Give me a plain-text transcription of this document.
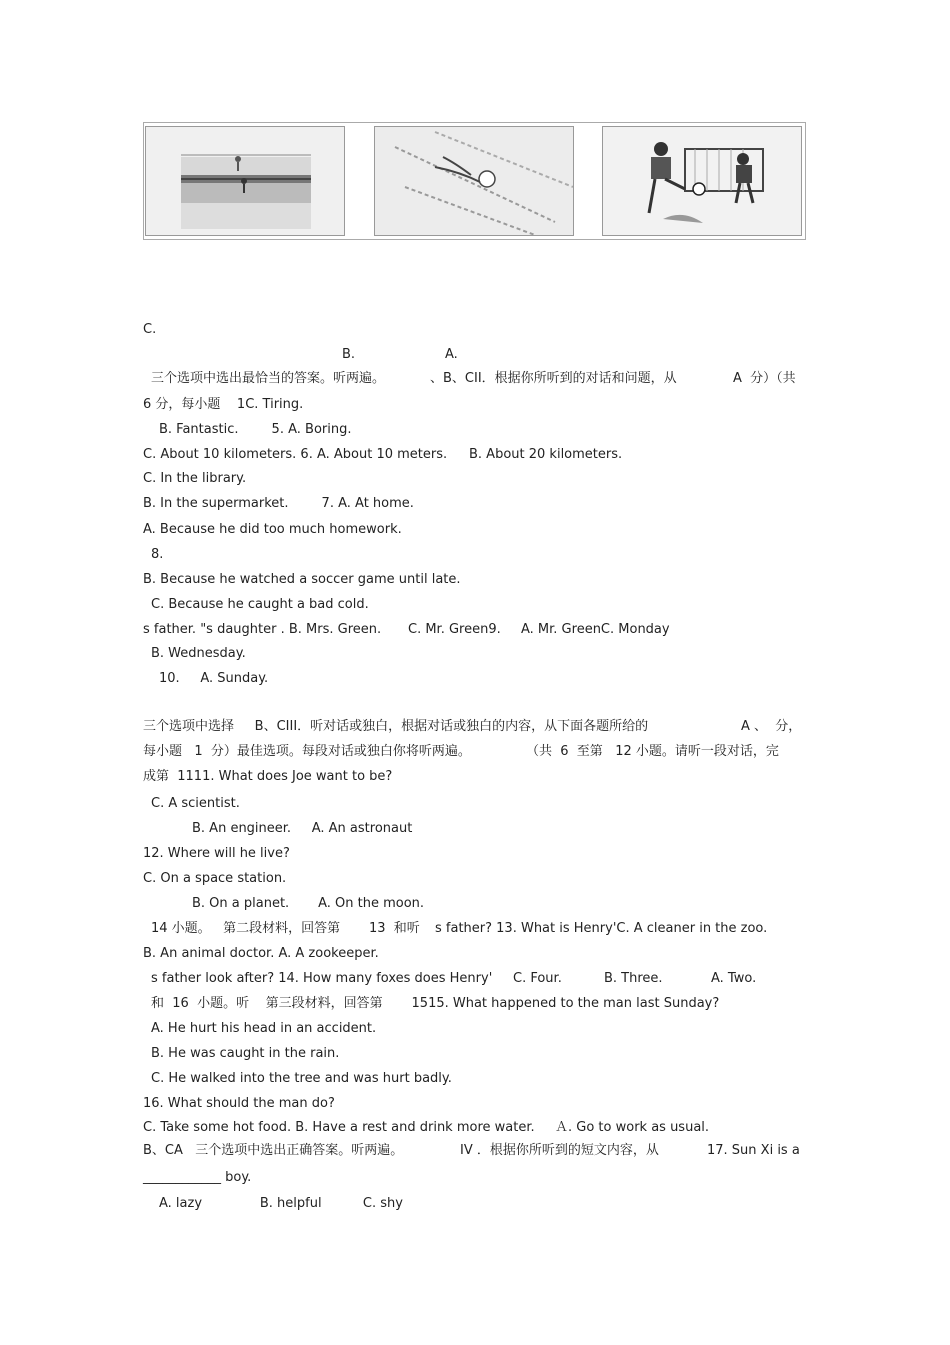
C.
B.	A.
三个选项中选出最恰当的答案。听两遍。	、B、CII．根据你所听到的对话和问题，从	A  分）（共
6 分，每小题    1C. Tiring.
B. Fantastic.        5. A. Boring.
C. About 10 kilometers. 6. A. About 10 meters. B. About 20 kilometers.
C. In the library.
B. In the supermarket.        7. A. At home.
A. Because he did too much homework.
8.
B. Because he watched a soccer game until late.
C. Because he caught a bad cold.
s father. "s daughter . B. Mrs. Green. C. Mr. Green9. A. Mr. GreenC. Monday
B. Wednesday.
10.     A. Sunday.
三个选项中选择     B、CIII．听对话或独白，根据对话或独白的内容，从下面各题所给的	A 、  分，
每小题   1  分）最佳选项。每段对话或独白你将听两遍。	（共  6  至第   12 小题。请听一段对话，完
成第  1111. What does Joe want to be?
C. A scientist.
B. An engineer.     A. An astronaut
12. Where will he live?
C. On a space station.
B. On a planet.       A. On the moon.
14 小题。   第二段材料，回答第       13  和听 s father? 13. What is Henry'C. A cleaner in the zoo.
B. An animal doctor. A. A zookeeper.
s father look after? 14. How many foxes does Henry' C. Four.	B. Three.	A. Two.
和  16  小题。听    第三段材料，回答第       1515. What happened to the man last Sunday?
A. He hurt his head in an accident.
B. He was caught in the rain.
C. He walked into the tree and was hurt badly.
16. What should the man do?
C. Take some hot food. B. Have a rest and drink more water. Ａ. Go to work as usual.
B、CA   三个选项中选出正确答案。听两遍。	IV ．根据你所听到的短文内容，从	17. Sun Xi is a
____________ boy.
A. lazy              B. helpful          C. shy
